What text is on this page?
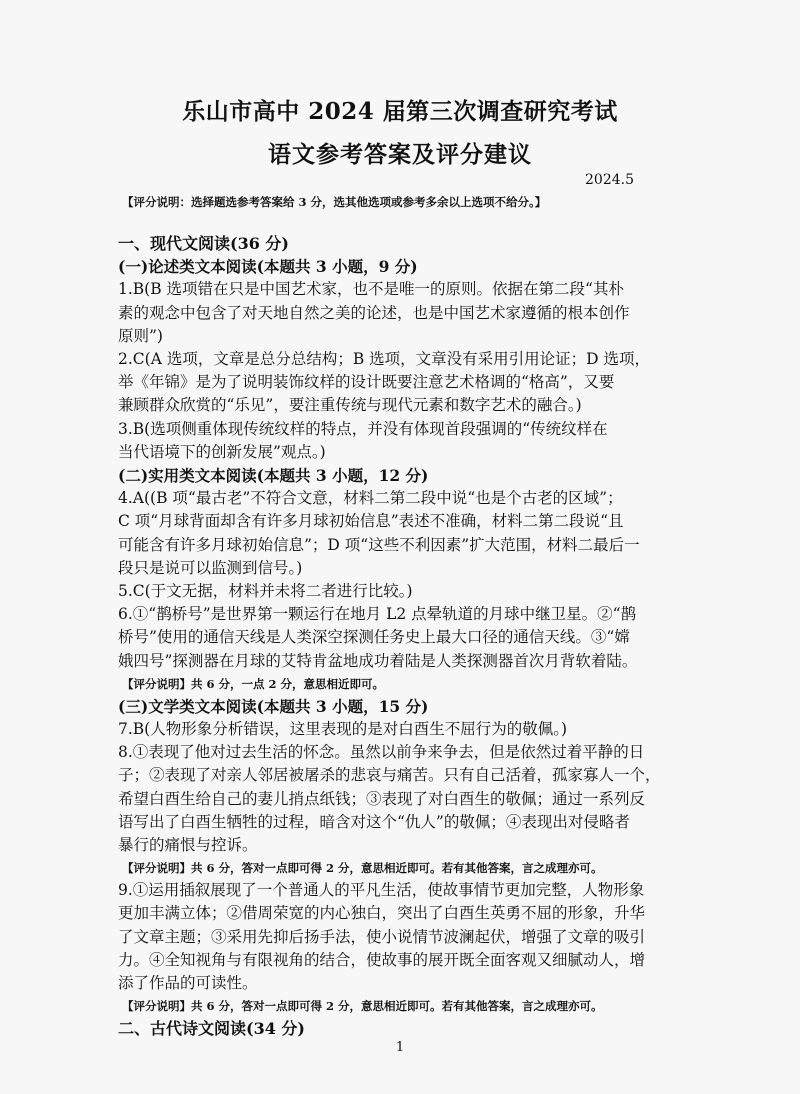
乐山市高中 2024 届第三次调查研究考试
语文参考答案及评分建议
2024.5
【评分说明：选择题选参考答案给 3 分，选其他选项或参考多余以上选项不给分。】
一、现代文阅读(36 分)
(一)论述类文本阅读(本题共 3 小题，9 分)
1.B(B 选项错在只是中国艺术家，也不是唯一的原则。依据在第二段“其朴
素的观念中包含了对天地自然之美的论述，也是中国艺术家遵循的根本创作
原则”)
2.C(A 选项，文章是总分总结构；B 选项，文章没有采用引用论证；D 选项，
举《年锦》是为了说明装饰纹样的设计既要注意艺术格调的“格高”，又要
兼顾群众欣赏的“乐见”，要注重传统与现代元素和数字艺术的融合。)
3.B(选项侧重体现传统纹样的特点，并没有体现首段强调的“传统纹样在
当代语境下的创新发展”观点。)
(二)实用类文本阅读(本题共 3 小题，12 分)
4.A((B 项“最古老”不符合文意，材料二第二段中说“也是个古老的区域”；
C 项“月球背面却含有许多月球初始信息”表述不准确，材料二第二段说“且
可能含有许多月球初始信息”；D 项“这些不利因素”扩大范围，材料二最后一
段只是说可以监测到信号。)
5.C(于文无据，材料并未将二者进行比较。)
6.①“鹊桥号”是世界第一颗运行在地月 L2 点晕轨道的月球中继卫星。②“鹊
桥号”使用的通信天线是人类深空探测任务史上最大口径的通信天线。③“嫦
娥四号”探测器在月球的艾特肯盆地成功着陆是人类探测器首次月背软着陆。
【评分说明】共 6 分，一点 2 分，意思相近即可。
(三)文学类文本阅读(本题共 3 小题，15 分)
7.B(人物形象分析错误，这里表现的是对白酉生不屈行为的敬佩。)
8.①表现了他对过去生活的怀念。虽然以前争来争去，但是依然过着平静的日
子；②表现了对亲人邻居被屠杀的悲哀与痛苦。只有自己活着，孤家寡人一个，
希望白酉生给自己的妻儿捎点纸钱；③表现了对白酉生的敬佩；通过一系列反
语写出了白酉生牺牲的过程，暗含对这个“仇人”的敬佩；④表现出对侵略者
暴行的痛恨与控诉。
【评分说明】共 6 分，答对一点即可得 2 分，意思相近即可。若有其他答案，言之成理亦可。
9.①运用插叙展现了一个普通人的平凡生活，使故事情节更加完整，人物形象
更加丰满立体；②借周荣宽的内心独白，突出了白酉生英勇不屈的形象，升华
了文章主题；③采用先抑后扬手法，使小说情节波澜起伏，增强了文章的吸引
力。④全知视角与有限视角的结合，使故事的展开既全面客观又细腻动人，增
添了作品的可读性。
【评分说明】共 6 分，答对一点即可得 2 分，意思相近即可。若有其他答案，言之成理亦可。
二、古代诗文阅读(34 分)
1
